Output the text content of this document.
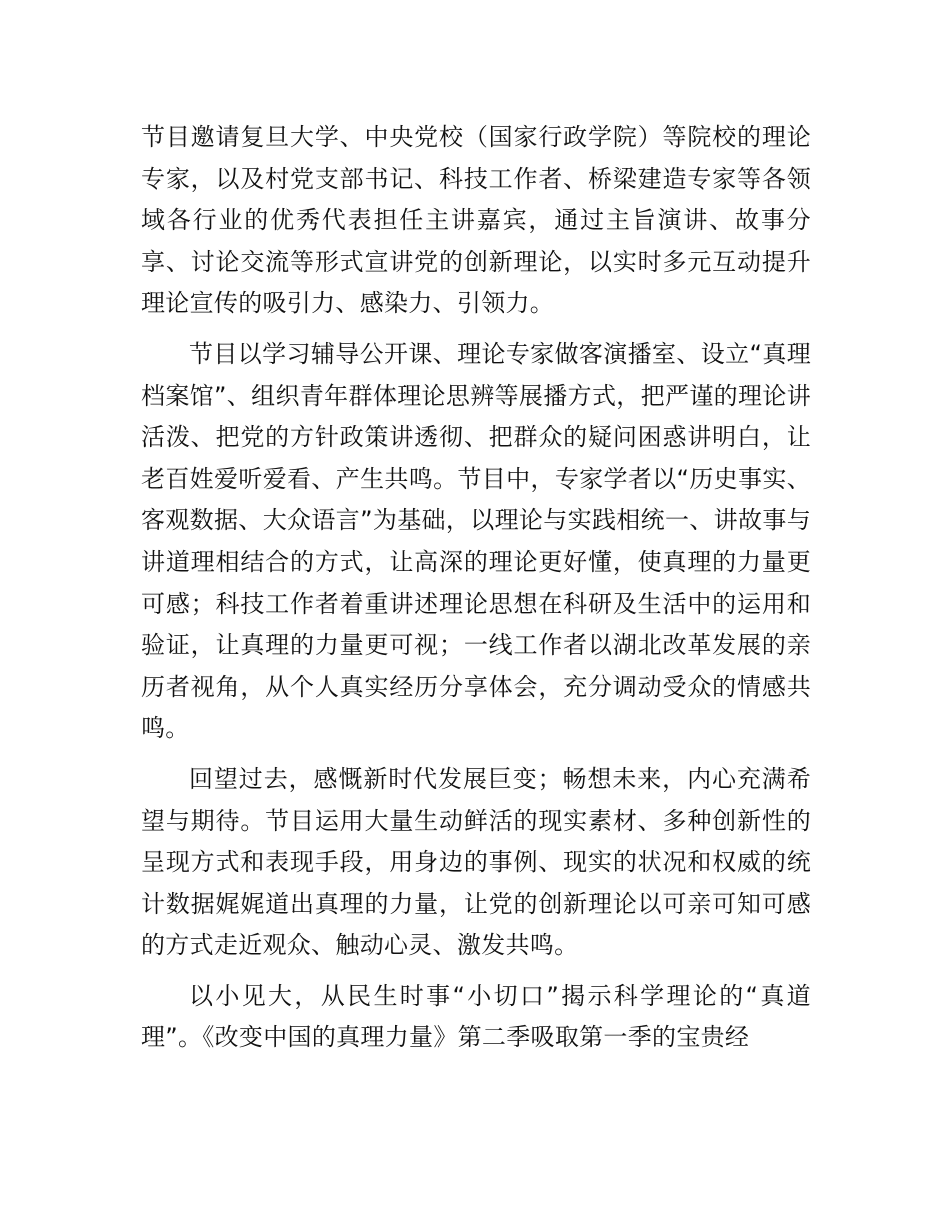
节目邀请复旦大学、中央党校（国家行政学院）等院校的理论专家，以及村党支部书记、科技工作者、桥梁建造专家等各领域各行业的优秀代表担任主讲嘉宾，通过主旨演讲、故事分享、讨论交流等形式宣讲党的创新理论，以实时多元互动提升理论宣传的吸引力、感染力、引领力。

节目以学习辅导公开课、理论专家做客演播室、设立“真理档案馆”、组织青年群体理论思辨等展播方式，把严谨的理论讲活泼、把党的方针政策讲透彻、把群众的疑问困惑讲明白，让老百姓爱听爱看、产生共鸣。节目中，专家学者以“历史事实、客观数据、大众语言”为基础，以理论与实践相统一、讲故事与讲道理相结合的方式，让高深的理论更好懂，使真理的力量更可感；科技工作者着重讲述理论思想在科研及生活中的运用和验证，让真理的力量更可视；一线工作者以湖北改革发展的亲历者视角，从个人真实经历分享体会，充分调动受众的情感共鸣。

回望过去，感慨新时代发展巨变；畅想未来，内心充满希望与期待。节目运用大量生动鲜活的现实素材、多种创新性的呈现方式和表现手段，用身边的事例、现实的状况和权威的统计数据娓娓道出真理的力量，让党的创新理论以可亲可知可感的方式走近观众、触动心灵、激发共鸣。

以小见大，从民生时事“小切口”揭示科学理论的“真道理”。《改变中国的真理力量》第二季吸取第一季的宝贵经
